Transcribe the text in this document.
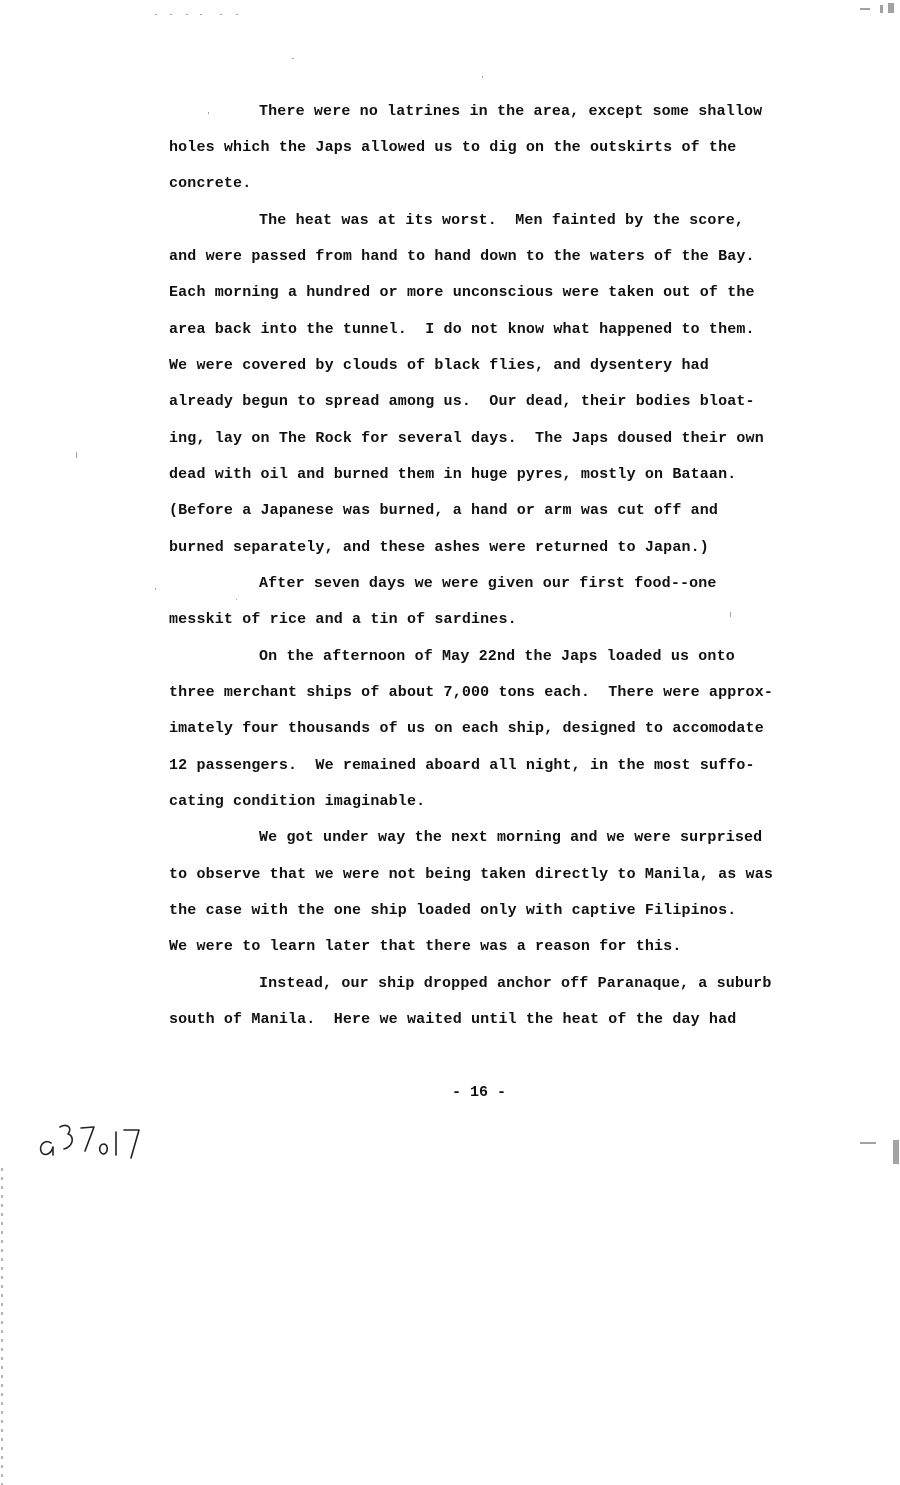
There were no latrines in the area, except some shallow
holes which the Japs allowed us to dig on the outskirts of the
concrete.
The heat was at its worst.  Men fainted by the score,
and were passed from hand to hand down to the waters of the Bay.
Each morning a hundred or more unconscious were taken out of the
area back into the tunnel.  I do not know what happened to them.
We were covered by clouds of black flies, and dysentery had
already begun to spread among us.  Our dead, their bodies bloat-
ing, lay on The Rock for several days.  The Japs doused their own
dead with oil and burned them in huge pyres, mostly on Bataan.
(Before a Japanese was burned, a hand or arm was cut off and
burned separately, and these ashes were returned to Japan.)
After seven days we were given our first food--one
messkit of rice and a tin of sardines.
On the afternoon of May 22nd the Japs loaded us onto
three merchant ships of about 7,000 tons each.  There were approx-
imately four thousands of us on each ship, designed to accomodate
12 passengers.  We remained aboard all night, in the most suffo-
cating condition imaginable.
We got under way the next morning and we were surprised
to observe that we were not being taken directly to Manila, as was
the case with the one ship loaded only with captive Filipinos.
We were to learn later that there was a reason for this.
Instead, our ship dropped anchor off Paranaque, a suburb
south of Manila.  Here we waited until the heat of the day had
- 16 -
